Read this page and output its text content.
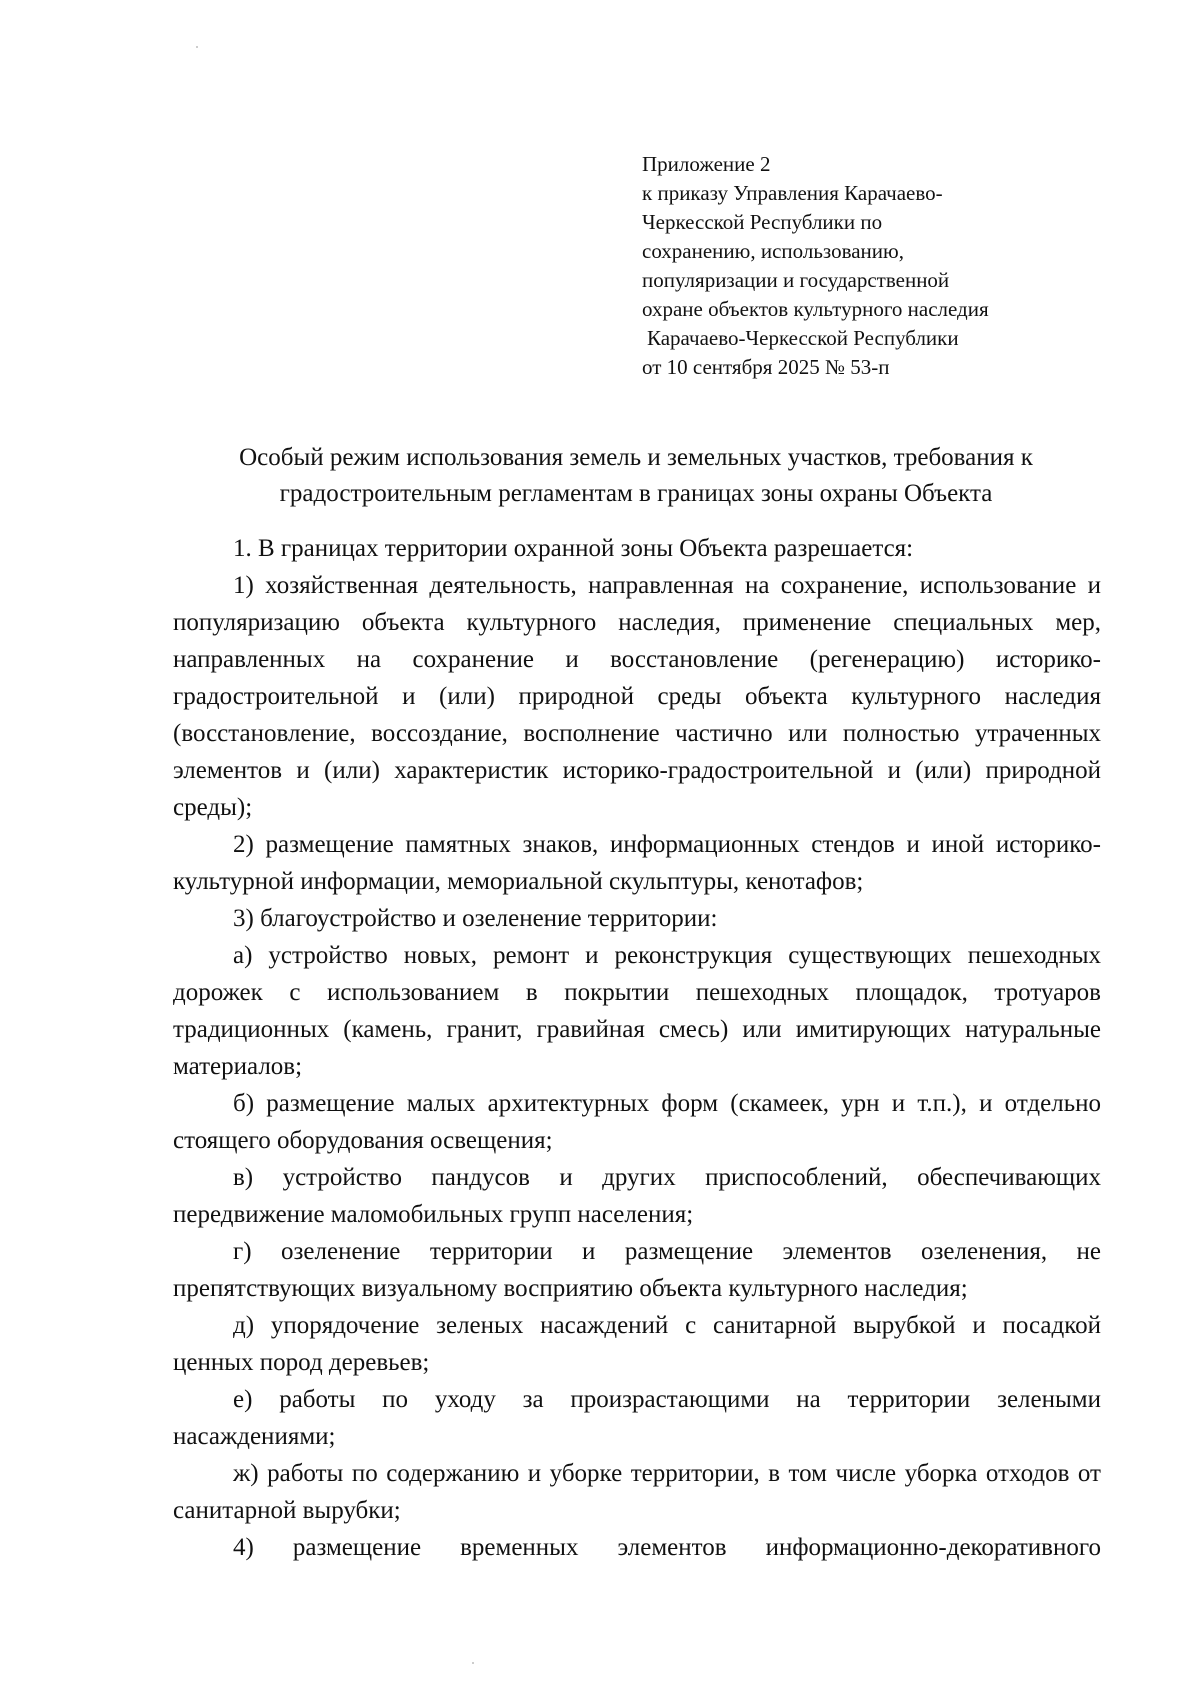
Приложение 2
к приказу Управления Карачаево-
Черкесской Республики по
сохранению, использованию,
популяризации и государственной
охране объектов культурного наследия
Карачаево-Черкесской Республики
от 10 сентября 2025 № 53-п
Особый режим использования земель и земельных участков, требования к
градостроительным регламентам в границах зоны охраны Объекта

1. В границах территории охранной зоны Объекта разрешается:

1) хозяйственная деятельность, направленная на сохранение, использование и популяризацию объекта культурного наследия, применение специальных мер, направленных на сохранение и восстановление (регенерацию) историко-градостроительной и (или) природной среды объекта культурного наследия (восстановление, воссоздание, восполнение частично или полностью утраченных элементов и (или) характеристик историко-градостроительной и (или) природной среды);

2) размещение памятных знаков, информационных стендов и иной историко-культурной информации, мемориальной скульптуры, кенотафов;

3) благоустройство и озеленение территории:

а) устройство новых, ремонт и реконструкция существующих пешеходных дорожек с использованием в покрытии пешеходных площадок, тротуаров традиционных (камень, гранит, гравийная смесь) или имитирующих натуральные материалов;

б) размещение малых архитектурных форм (скамеек, урн и т.п.), и отдельно стоящего оборудования освещения;

в) устройство пандусов и других приспособлений, обеспечивающих передвижение маломобильных групп населения;

г) озеленение территории и размещение элементов озеленения, не препятствующих визуальному восприятию объекта культурного наследия;

д) упорядочение зеленых насаждений с санитарной вырубкой и посадкой ценных пород деревьев;

е) работы по уходу за произрастающими на территории зелеными насаждениями;

ж) работы по содержанию и уборке территории, в том числе уборка отходов от санитарной вырубки;

4) размещение временных элементов информационно-декоративного
